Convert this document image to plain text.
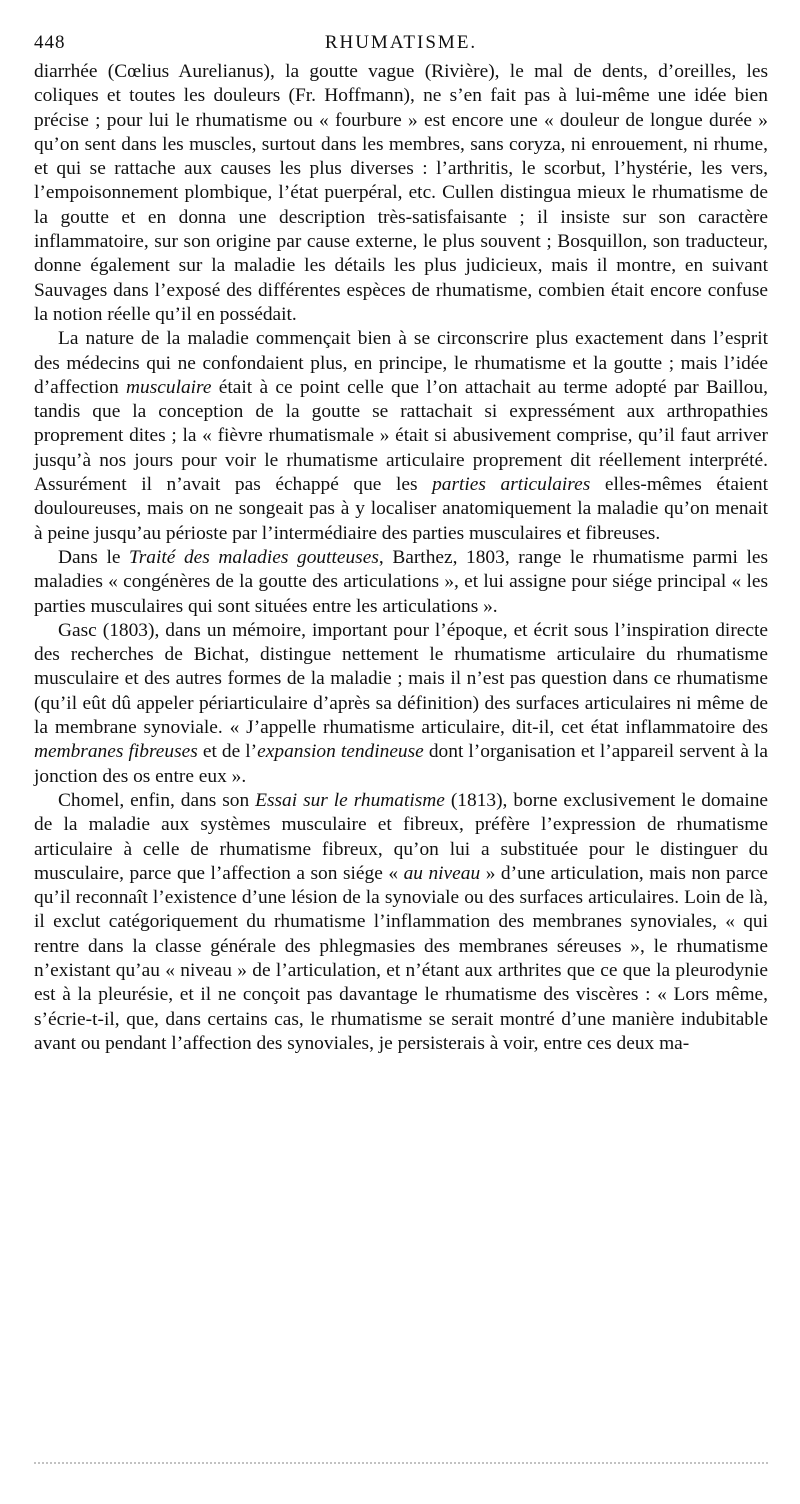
448	RHUMATISME.

diarrhée (Cœlius Aurelianus), la goutte vague (Rivière), le mal de dents, d’oreilles, les coliques et toutes les douleurs (Fr. Hoffmann), ne s’en fait pas à lui-même une idée bien précise ; pour lui le rhumatisme ou « fourbure » est encore une « douleur de longue durée » qu’on sent dans les muscles, surtout dans les membres, sans coryza, ni enrouement, ni rhume, et qui se rattache aux causes les plus diverses : l’arthritis, le scorbut, l’hystérie, les vers, l’empoisonnement plombique, l’état puerpéral, etc. Cullen distingua mieux le rhumatisme de la goutte et en donna une description très-satisfaisante ; il insiste sur son caractère inflammatoire, sur son origine par cause externe, le plus souvent ; Bosquillon, son traducteur, donne également sur la maladie les détails les plus judicieux, mais il montre, en suivant Sauvages dans l’exposé des différentes espèces de rhumatisme, combien était encore confuse la notion réelle qu’il en possédait.

La nature de la maladie commençait bien à se circonscrire plus exactement dans l’esprit des médecins qui ne confondaient plus, en principe, le rhumatisme et la goutte ; mais l’idée d’affection musculaire était à ce point celle que l’on attachait au terme adopté par Baillou, tandis que la conception de la goutte se rattachait si expressément aux arthropathies proprement dites ; la « fièvre rhumatismale » était si abusivement comprise, qu’il faut arriver jusqu’à nos jours pour voir le rhumatisme articulaire proprement dit réellement interprété. Assurément il n’avait pas échappé que les parties articulaires elles-mêmes étaient douloureuses, mais on ne songeait pas à y localiser anatomiquement la maladie qu’on menait à peine jusqu’au périoste par l’intermédiaire des parties musculaires et fibreuses.

Dans le Traité des maladies goutteuses, Barthez, 1803, range le rhumatisme parmi les maladies « congénères de la goutte des articulations », et lui assigne pour siége principal « les parties musculaires qui sont situées entre les articulations ».

Gasc (1803), dans un mémoire, important pour l’époque, et écrit sous l’inspiration directe des recherches de Bichat, distingue nettement le rhumatisme articulaire du rhumatisme musculaire et des autres formes de la maladie ; mais il n’est pas question dans ce rhumatisme (qu’il eût dû appeler périarticulaire d’après sa définition) des surfaces articulaires ni même de la membrane synoviale. « J’appelle rhumatisme articulaire, dit-il, cet état inflammatoire des membranes fibreuses et de l’expansion tendineuse dont l’organisation et l’appareil servent à la jonction des os entre eux ».

Chomel, enfin, dans son Essai sur le rhumatisme (1813), borne exclusivement le domaine de la maladie aux systèmes musculaire et fibreux, préfère l’expression de rhumatisme articulaire à celle de rhumatisme fibreux, qu’on lui a substituée pour le distinguer du musculaire, parce que l’affection a son siége « au niveau » d’une articulation, mais non parce qu’il reconnaît l’existence d’une lésion de la synoviale ou des surfaces articulaires. Loin de là, il exclut catégoriquement du rhumatisme l’inflammation des membranes synoviales, « qui rentre dans la classe générale des phlegmasies des membranes séreuses », le rhumatisme n’existant qu’au « niveau » de l’articulation, et n’étant aux arthrites que ce que la pleurodynie est à la pleurésie, et il ne conçoit pas davantage le rhumatisme des viscères : « Lors même, s’écrie-t-il, que, dans certains cas, le rhumatisme se serait montré d’une manière indubitable avant ou pendant l’affection des synoviales, je persisterais à voir, entre ces deux ma-
